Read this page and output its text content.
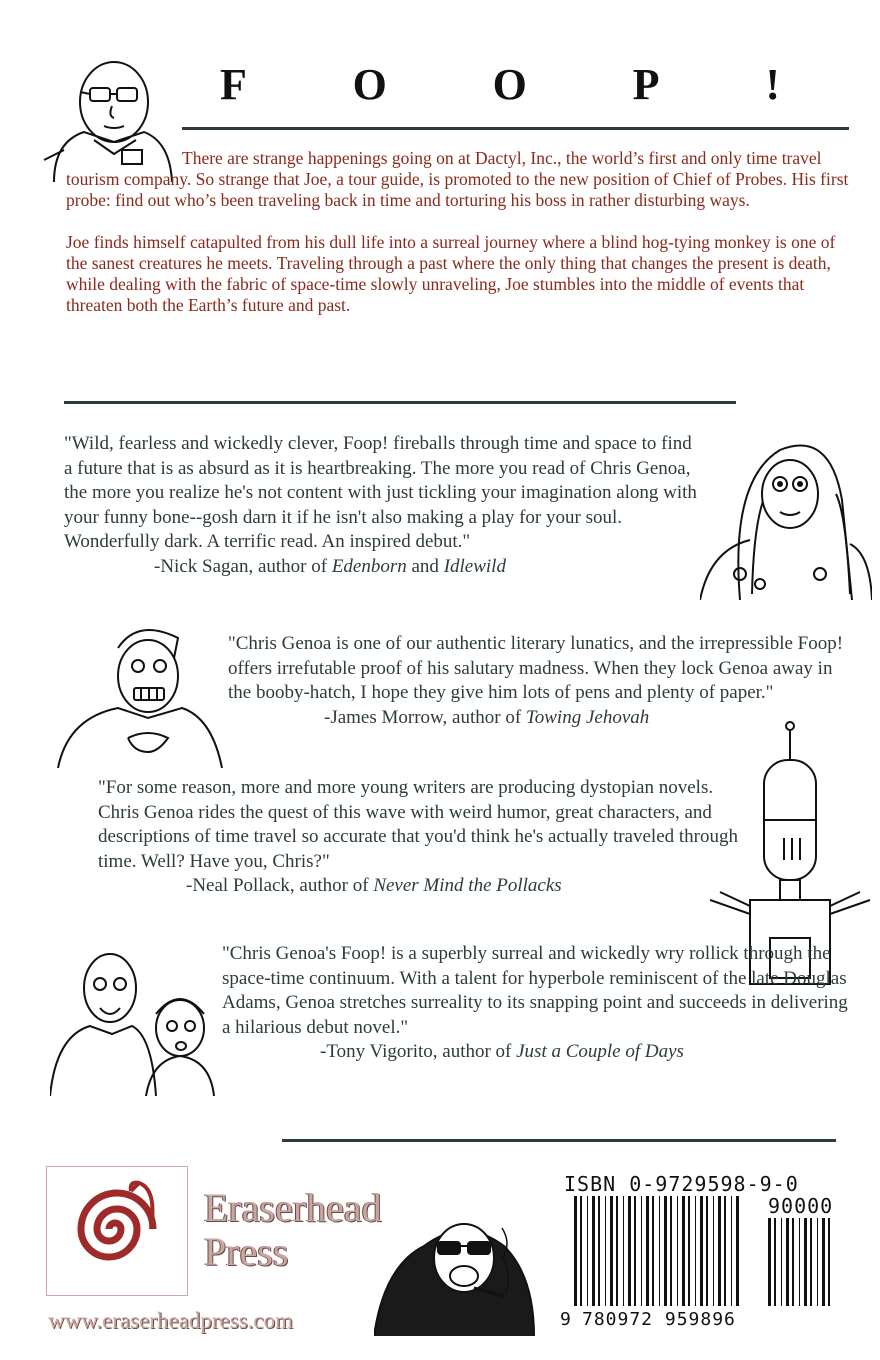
F O O P !

There are strange happenings going on at Dactyl, Inc., the world’s first and only time travel tourism company. So strange that Joe, a tour guide, is promoted to the new position of Chief of Probes. His first probe: find out who’s been traveling back in time and torturing his boss in rather disturbing ways.

Joe finds himself catapulted from his dull life into a surreal journey where a blind hog-tying monkey is one of the sanest creatures he meets. Traveling through a past where the only thing that changes the present is death, while dealing with the fabric of space-time slowly unraveling, Joe stumbles into the middle of events that threaten both the Earth’s future and past.

"Wild, fearless and wickedly clever, Foop! fireballs through time and space to find a future that is as absurd as it is heartbreaking. The more you read of Chris Genoa, the more you realize he's not content with just tickling your imagination along with your funny bone--gosh darn it if he isn't also making a play for your soul. Wonderfully dark. A terrific read. An inspired debut."

-Nick Sagan, author of Edenborn and Idlewild

"Chris Genoa is one of our authentic literary lunatics, and the irrepressible Foop! offers irrefutable proof of his salutary madness. When they lock Genoa away in the booby-hatch, I hope they give him lots of pens and plenty of paper."

-James Morrow, author of Towing Jehovah

"For some reason, more and more young writers are producing dystopian novels. Chris Genoa rides the quest of this wave with weird humor, great characters, and descriptions of time travel so accurate that you'd think he's actually traveled through time. Well? Have you, Chris?"

-Neal Pollack, author of Never Mind the Pollacks

"Chris Genoa's Foop! is a superbly surreal and wickedly wry rollick through the space-time continuum. With a talent for hyperbole reminiscent of the late Douglas Adams, Genoa stretches surreality to its snapping point and succeeds in delivering a hilarious debut novel."

-Tony Vigorito, author of Just a Couple of Days

Eraserhead
Press
www.eraserheadpress.com
ISBN 0-9729598-9-0
90000
9 780972 959896
